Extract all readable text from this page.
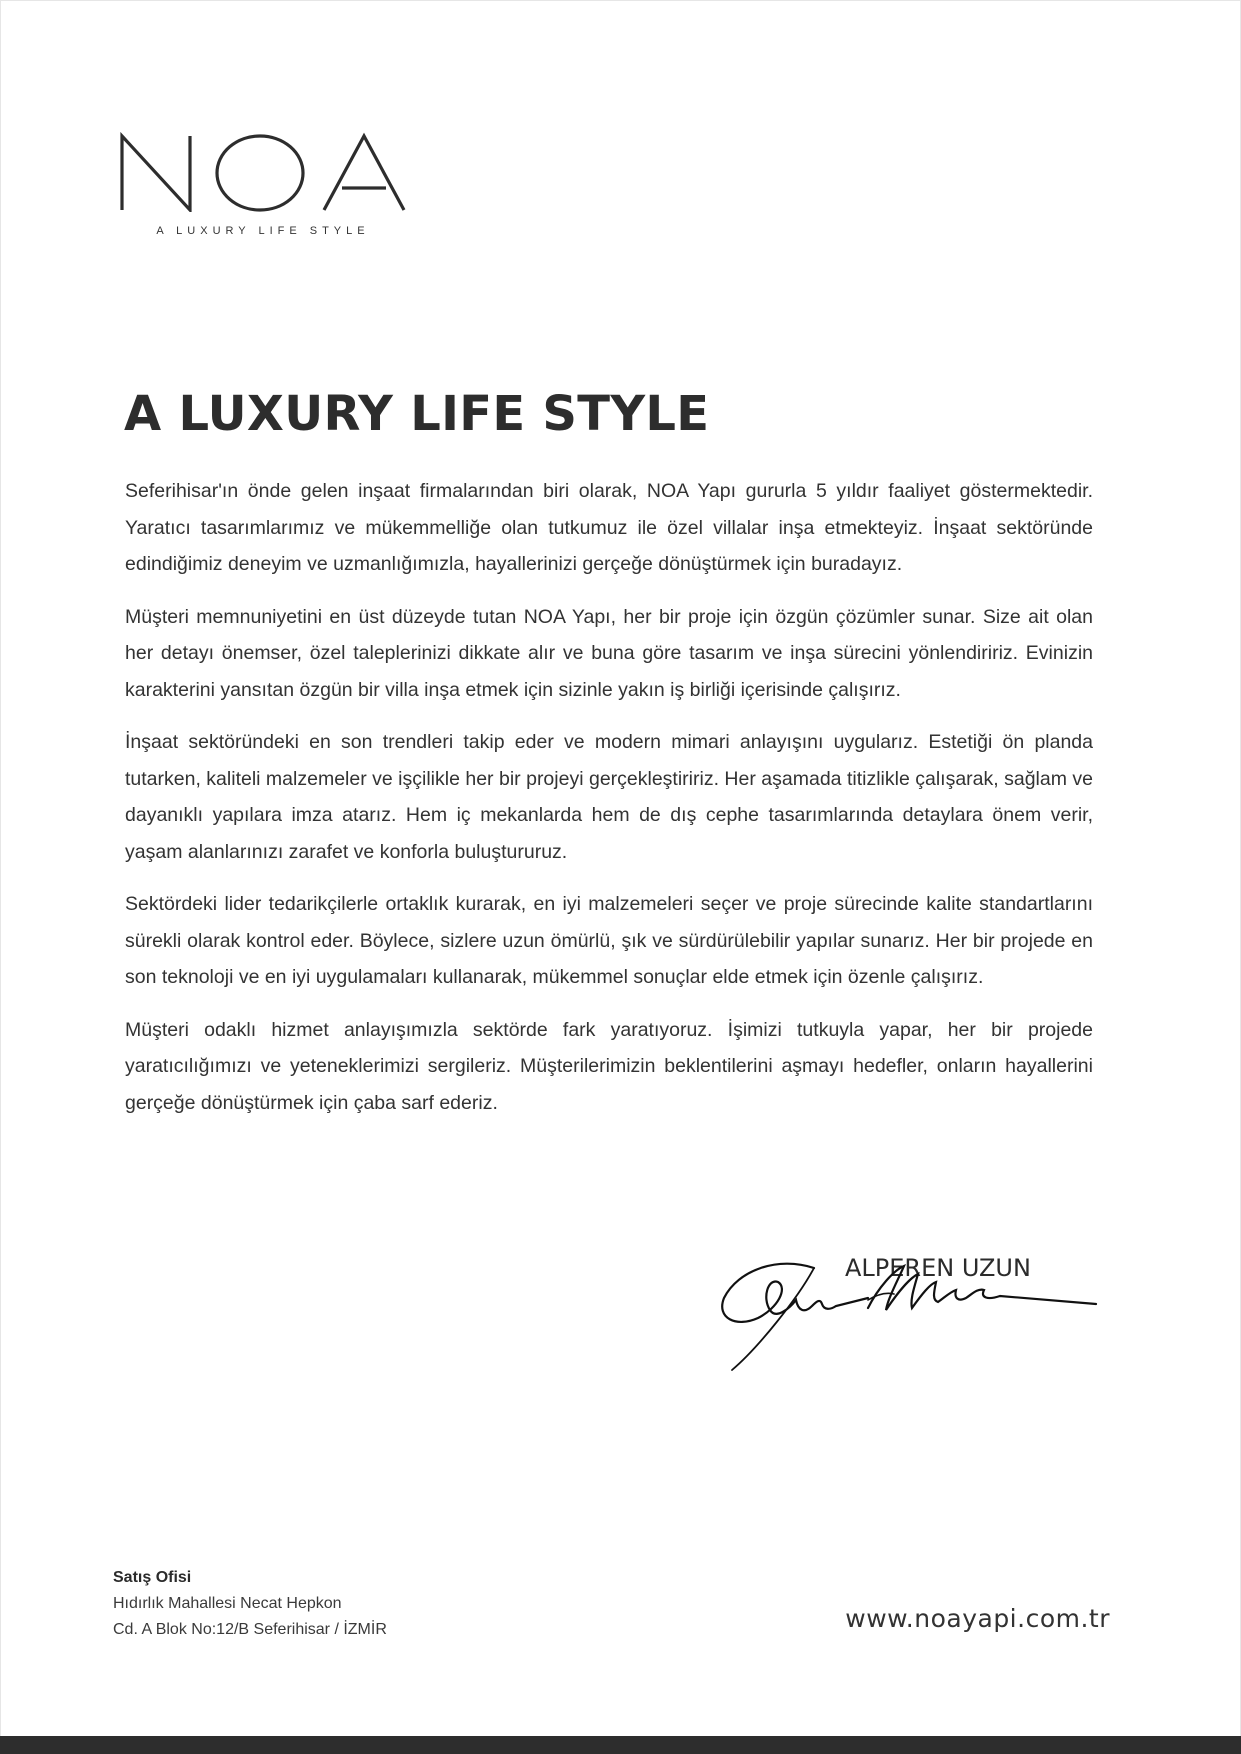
A LUXURY LIFE STYLE
A LUXURY LIFE STYLE

Seferihisar'ın önde gelen inşaat firmalarından biri olarak, NOA Yapı gururla 5 yıldır faaliyet göstermektedir. Yaratıcı tasarımlarımız ve mükemmelliğe olan tutkumuz ile özel villalar inşa etmekteyiz. İnşaat sektöründe edindiğimiz deneyim ve uzmanlığımızla, hayallerinizi gerçeğe dönüştürmek için buradayız.

Müşteri memnuniyetini en üst düzeyde tutan NOA Yapı, her bir proje için özgün çözümler sunar. Size ait olan her detayı önemser, özel taleplerinizi dikkate alır ve buna göre tasarım ve inşa sürecini yönlendiririz. Evinizin karakterini yansıtan özgün bir villa inşa etmek için sizinle yakın iş birliği içerisinde çalışırız.

İnşaat sektöründeki en son trendleri takip eder ve modern mimari anlayışını uygularız. Estetiği ön planda tutarken, kaliteli malzemeler ve işçilikle her bir projeyi gerçekleştiririz. Her aşamada titizlikle çalışarak, sağlam ve dayanıklı yapılara imza atarız. Hem iç mekanlarda hem de dış cephe tasarımlarında detaylara önem verir, yaşam alanlarınızı zarafet ve konforla buluştururuz.

Sektördeki lider tedarikçilerle ortaklık kurarak, en iyi malzemeleri seçer ve proje sürecinde kalite standartlarını sürekli olarak kontrol eder. Böylece, sizlere uzun ömürlü, şık ve sürdürülebilir yapılar sunarız. Her bir projede en son teknoloji ve en iyi uygulamaları kullanarak, mükemmel sonuçlar elde etmek için özenle çalışırız.

Müşteri odaklı hizmet anlayışımızla sektörde fark yaratıyoruz. İşimizi tutkuyla yapar, her bir projede yaratıcılığımızı ve yeteneklerimizi sergileriz. Müşterilerimizin beklentilerini aşmayı hedefler, onların hayallerini gerçeğe dönüştürmek için çaba sarf ederiz.

ALPEREN UZUN
Satış Ofisi
Hıdırlık Mahallesi Necat Hepkon
Cd. A Blok No:12/B Seferihisar / İZMİR	www.noayapi.com.tr
